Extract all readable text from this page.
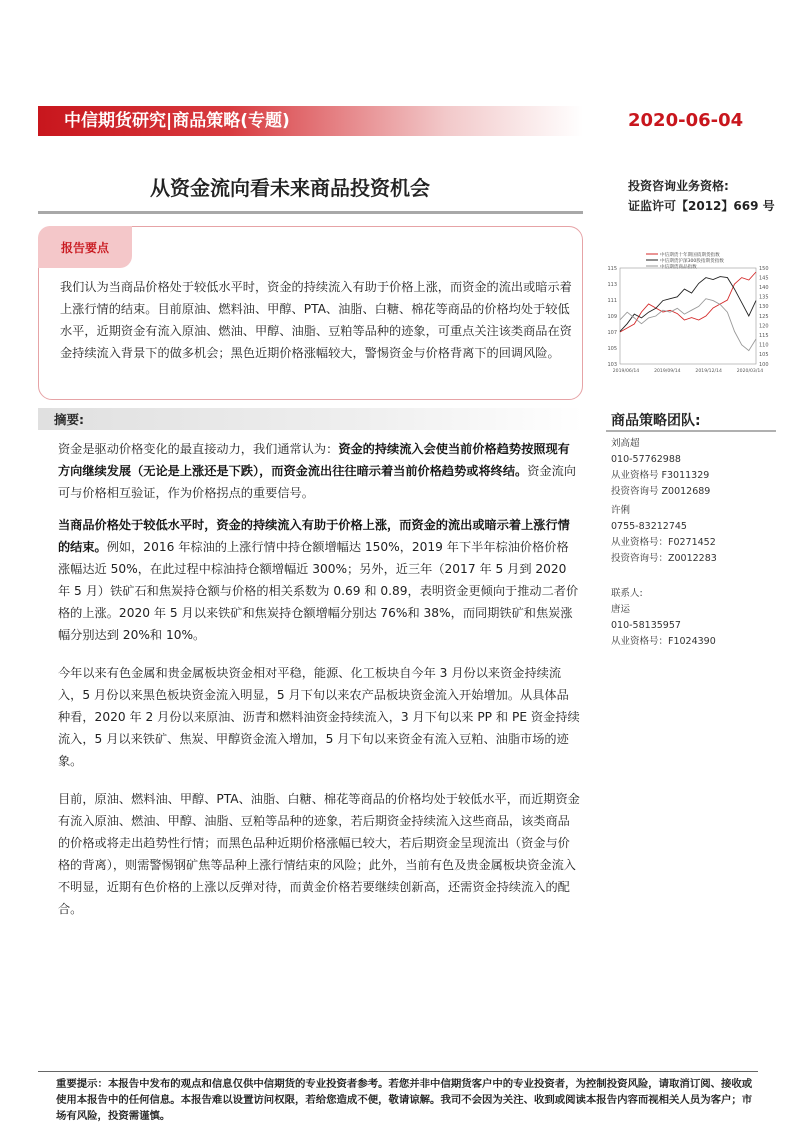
中信期货研究|商品策略(专题)	2020-06-04
从资金流向看未来商品投资机会	投资咨询业务资格:
证监许可【2012】669 号
报告要点
我们认为当商品价格处于较低水平时，资金的持续流入有助于价格上涨，而资金的流出或暗示着上涨行情的结束。目前原油、燃料油、甲醇、PTA、油脂、白糖、棉花等商品的价格均处于较低水平，近期资金有流入原油、燃油、甲醇、油脂、豆粕等品种的迹象，可重点关注该类商品在资金持续流入背景下的做多机会；黑色近期价格涨幅较大，警惕资金与价格背离下的回调风险。
中信期货十年期国债期货指数
中信期货沪深300股指期货指数
中信期货商品指数
103
105
107
109
111
113
115
100
105
110
115
120
125
130
135
140
145
150
2019/06/14	2019/09/14	2019/12/14	2020/03/14
摘要:
资金是驱动价格变化的最直接动力，我们通常认为：资金的持续流入会使当前价格趋势按照现有方向继续发展（无论是上涨还是下跌），而资金流出往往暗示着当前价格趋势或将终结。资金流向可与价格相互验证，作为价格拐点的重要信号。
当商品价格处于较低水平时，资金的持续流入有助于价格上涨，而资金的流出或暗示着上涨行情的结束。例如，2016 年棕油的上涨行情中持仓额增幅达 150%，2019 年下半年棕油价格价格涨幅达近 50%，在此过程中棕油持仓额增幅近 300%；另外，近三年（2017 年 5 月到 2020 年 5 月）铁矿石和焦炭持仓额与价格的相关系数为 0.69 和 0.89，表明资金更倾向于推动二者价格的上涨。2020 年 5 月以来铁矿和焦炭持仓额增幅分别达 76%和 38%，而同期铁矿和焦炭涨幅分别达到 20%和 10%。
今年以来有色金属和贵金属板块资金相对平稳，能源、化工板块自今年 3 月份以来资金持续流入，5 月份以来黑色板块资金流入明显，5 月下旬以来农产品板块资金流入开始增加。从具体品种看，2020 年 2 月份以来原油、沥青和燃料油资金持续流入，3 月下旬以来 PP 和 PE 资金持续流入，5 月以来铁矿、焦炭、甲醇资金流入增加，5 月下旬以来资金有流入豆粕、油脂市场的迹象。
目前，原油、燃料油、甲醇、PTA、油脂、白糖、棉花等商品的价格均处于较低水平，而近期资金有流入原油、燃油、甲醇、油脂、豆粕等品种的迹象，若后期资金持续流入这些商品，该类商品的价格或将走出趋势性行情；而黑色品种近期价格涨幅已较大，若后期资金呈现流出（资金与价格的背离），则需警惕钢矿焦等品种上涨行情结束的风险；此外，当前有色及贵金属板块资金流入不明显，近期有色价格的上涨以反弹对待，而黄金价格若要继续创新高，还需资金持续流入的配合。
商品策略团队:
刘高超
010-57762988
从业资格号 F3011329
投资咨询号 Z0012689
许俐
0755-83212745
从业资格号：F0271452
投资咨询号：Z0012283
联系人:
唐运
010-58135957
从业资格号：F1024390
重要提示：本报告中发布的观点和信息仅供中信期货的专业投资者参考。若您并非中信期货客户中的专业投资者，为控制投资风险，请取消订阅、接收或使用本报告中的任何信息。本报告难以设置访问权限，若给您造成不便，敬请谅解。我司不会因为关注、收到或阅读本报告内容而视相关人员为客户；市场有风险，投资需谨慎。
